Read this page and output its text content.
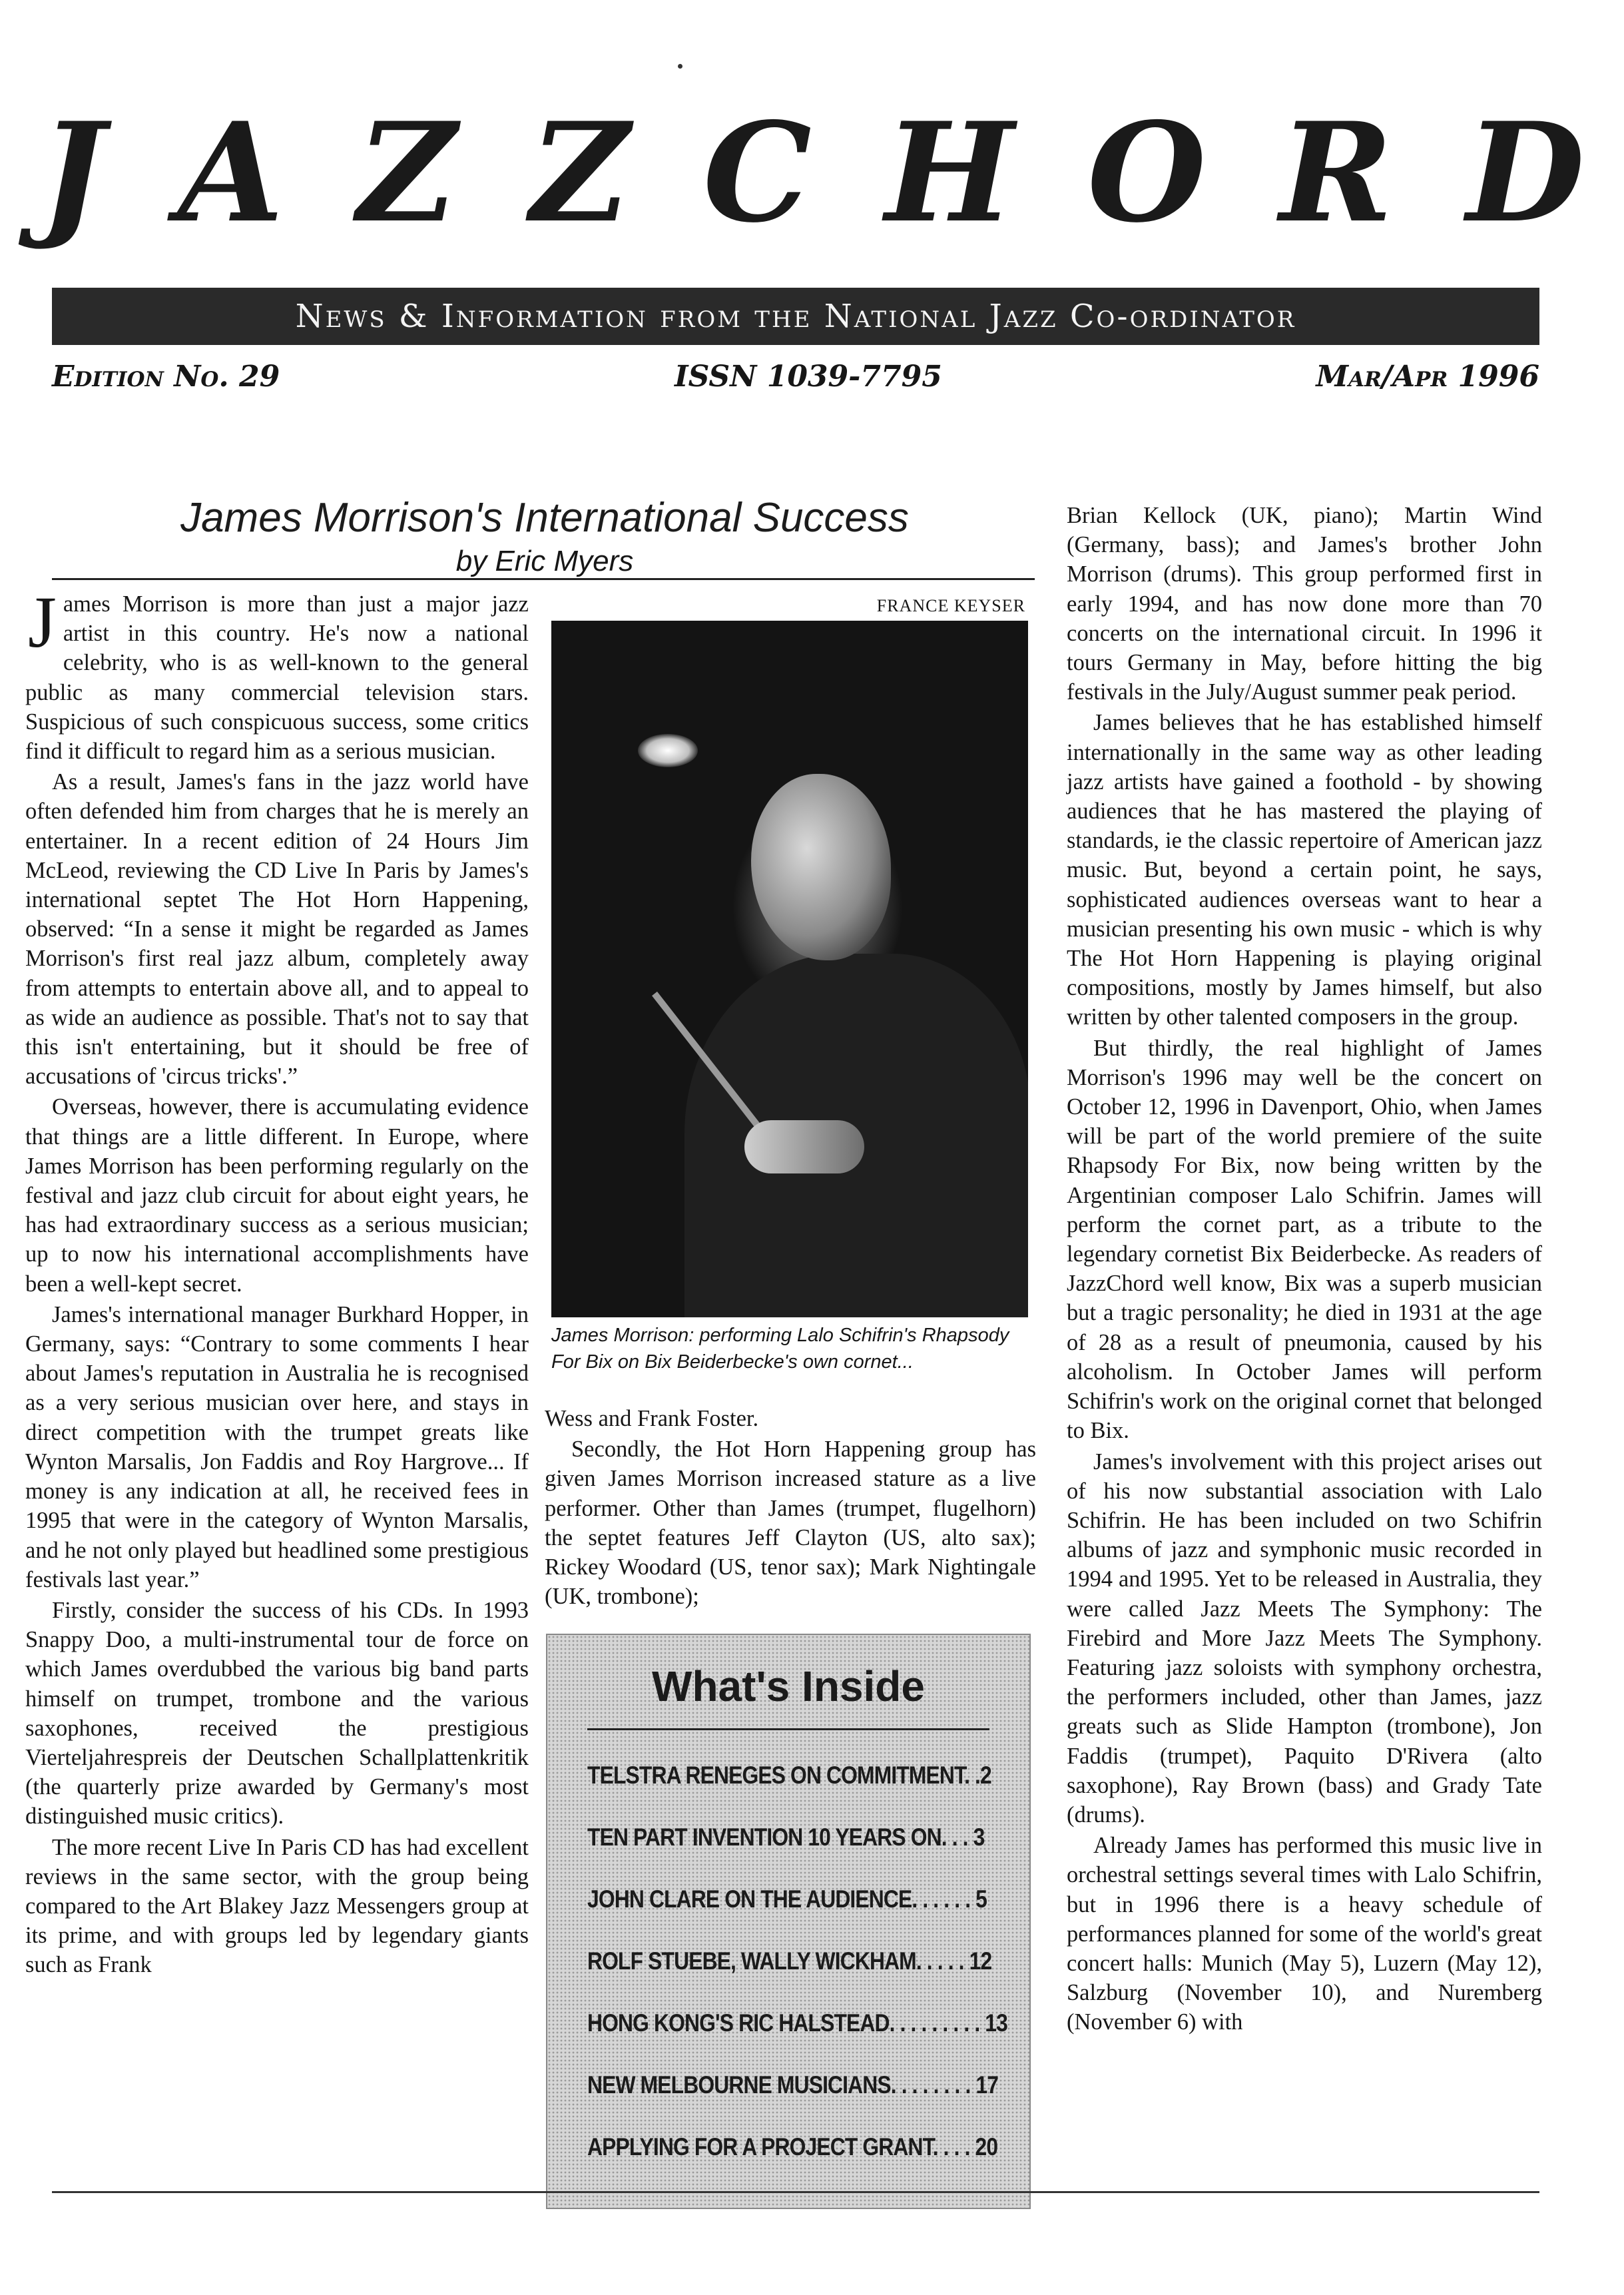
J A Z Z C H O R D
News & Information from the National Jazz Co-ordinator
Edition No. 29	ISSN 1039-7795	Mar/Apr 1996
James Morrison's International Success
by Eric Myers
J ames Morrison is more than just a major jazz artist in this country. He's now a national celebrity, who is as well-known to the general public as many commercial television stars. Suspicious of such conspicuous success, some critics find it difficult to regard him as a serious musician.

As a result, James's fans in the jazz world have often defended him from charges that he is merely an entertainer. In a recent edition of 24 Hours Jim McLeod, reviewing the CD Live In Paris by James's international septet The Hot Horn Happening, observed: “In a sense it might be regarded as James Morrison's first real jazz album, completely away from attempts to entertain above all, and to appeal to as wide an audience as possible. That's not to say that this isn't entertaining, but it should be free of accusations of 'circus tricks'.”

Overseas, however, there is accumulating evidence that things are a little different. In Europe, where James Morrison has been performing regularly on the festival and jazz club circuit for about eight years, he has had extraordinary success as a serious musician; up to now his international accomplishments have been a well-kept secret.

James's international manager Burkhard Hopper, in Germany, says: “Contrary to some comments I hear about James's reputation in Australia he is recognised as a very serious musician over here, and stays in direct competition with the trumpet greats like Wynton Marsalis, Jon Faddis and Roy Hargrove... If money is any indication at all, he received fees in 1995 that were in the category of Wynton Marsalis, and he not only played but headlined some prestigious festivals last year.”

Firstly, consider the success of his CDs. In 1993 Snappy Doo, a multi-instrumental tour de force on which James overdubbed the various big band parts himself on trumpet, trombone and the various saxophones, received the prestigious Vierteljahrespreis der Deutschen Schallplattenkritik (the quarterly prize awarded by Germany's most distinguished music critics).

The more recent Live In Paris CD has had excellent reviews in the same sector, with the group being compared to the Art Blakey Jazz Messengers group at its prime, and with groups led by legendary giants such as Frank

FRANCE KEYSER
James Morrison: performing Lalo Schifrin's Rhapsody For Bix on Bix Beiderbecke's own cornet...

Wess and Frank Foster.

Secondly, the Hot Horn Happening group has given James Morrison increased stature as a live performer. Other than James (trumpet, flugelhorn) the septet features Jeff Clayton (US, alto sax); Rickey Woodard (US, tenor sax); Mark Nightingale (UK, trombone);

What's Inside
TELSTRA RENEGES ON COMMITMENT. .2
TEN PART INVENTION 10 YEARS ON. . . 3
JOHN CLARE ON THE AUDIENCE. . . . . . 5
ROLF STUEBE, WALLY WICKHAM. . . . . 12
HONG KONG'S RIC HALSTEAD. . . . . . . . . 13
NEW MELBOURNE MUSICIANS. . . . . . . . 17
APPLYING FOR A PROJECT GRANT. . . . 20

Brian Kellock (UK, piano); Martin Wind (Germany, bass); and James's brother John Morrison (drums). This group performed first in early 1994, and has now done more than 70 concerts on the international circuit. In 1996 it tours Germany in May, before hitting the big festivals in the July/August summer peak period.

James believes that he has established himself internationally in the same way as other leading jazz artists have gained a foothold - by showing audiences that he has mastered the playing of standards, ie the classic repertoire of American jazz music. But, beyond a certain point, he says, sophisticated audiences overseas want to hear a musician presenting his own music - which is why The Hot Horn Happening is playing original compositions, mostly by James himself, but also written by other talented composers in the group.

But thirdly, the real highlight of James Morrison's 1996 may well be the concert on October 12, 1996 in Davenport, Ohio, when James will be part of the world premiere of the suite Rhapsody For Bix, now being written by the Argentinian composer Lalo Schifrin. James will perform the cornet part, as a tribute to the legendary cornetist Bix Beiderbecke. As readers of JazzChord well know, Bix was a superb musician but a tragic personality; he died in 1931 at the age of 28 as a result of pneumonia, caused by his alcoholism. In October James will perform Schifrin's work on the original cornet that belonged to Bix.

James's involvement with this project arises out of his now substantial association with Lalo Schifrin. He has been included on two Schifrin albums of jazz and symphonic music recorded in 1994 and 1995. Yet to be released in Australia, they were called Jazz Meets The Symphony: The Firebird and More Jazz Meets The Symphony. Featuring jazz soloists with symphony orchestra, the performers included, other than James, jazz greats such as Slide Hampton (trombone), Jon Faddis (trumpet), Paquito D'Rivera (alto saxophone), Ray Brown (bass) and Grady Tate (drums).

Already James has performed this music live in orchestral settings several times with Lalo Schifrin, but in 1996 there is a heavy schedule of performances planned for some of the world's great concert halls: Munich (May 5), Luzern (May 12), Salzburg (November 10), and Nuremberg (November 6) with
